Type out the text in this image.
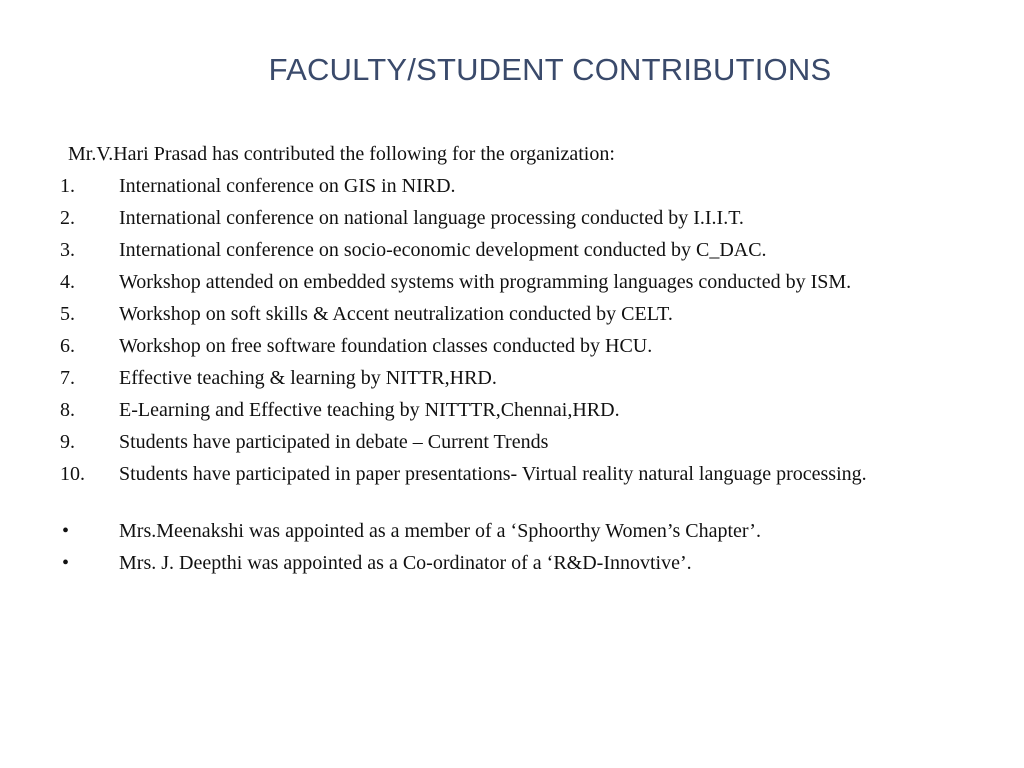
FACULTY/STUDENT CONTRIBUTIONS
Mr.V.Hari Prasad has contributed the following for the organization:
1.	International conference on GIS in NIRD.
2.	International conference on national language processing conducted by I.I.I.T.
3.	International conference on socio-economic development conducted by C_DAC.
4.	Workshop attended on embedded systems with programming languages conducted by ISM.
5.	Workshop on soft skills & Accent neutralization conducted by CELT.
6.	Workshop on free software foundation classes conducted by HCU.
7.	Effective teaching & learning by NITTR,HRD.
8.	E-Learning and Effective teaching by NITTTR,Chennai,HRD.
9.	Students have participated in debate – Current Trends
10.	Students have participated in paper presentations- Virtual reality natural language processing.
•	Mrs.Meenakshi was appointed as a member of a ‘Sphoorthy Women’s Chapter’.
•	Mrs. J. Deepthi was appointed as a Co-ordinator of a ‘R&D-Innovtive’.
